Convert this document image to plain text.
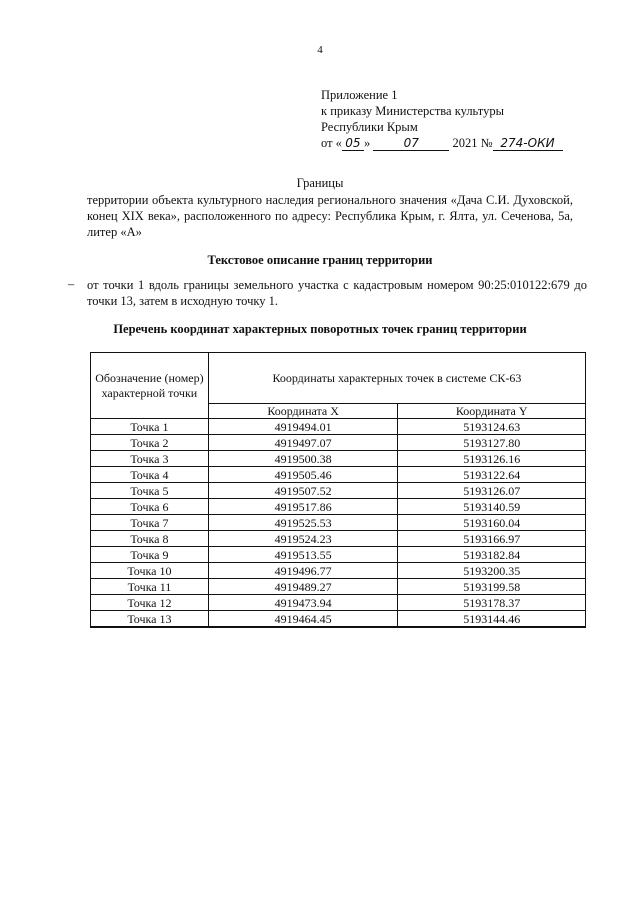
4
Приложение 1
к приказу Министерства культуры
Республики Крым
от « 05 »	07	2021 № 274-ОКИ
Границы
территории объекта культурного наследия регионального значения «Дача С.И. Духовской, конец XIX века», расположенного по адресу: Республика Крым, г. Ялта, ул. Сеченова, 5а, литер «А»
Текстовое описание границ территории
– от точки 1 вдоль границы земельного участка с кадастровым номером 90:25:010122:679 до точки 13, затем в исходную точку 1.
Перечень координат характерных поворотных точек границ территории
Обозначение (номер) характерной точки	Координаты характерных точек в системе СК-63	
	Координата X	Координата Y
Точка 1	4919494.01	5193124.63
Точка 2	4919497.07	5193127.80
Точка 3	4919500.38	5193126.16
Точка 4	4919505.46	5193122.64
Точка 5	4919507.52	5193126.07
Точка 6	4919517.86	5193140.59
Точка 7	4919525.53	5193160.04
Точка 8	4919524.23	5193166.97
Точка 9	4919513.55	5193182.84
Точка 10	4919496.77	5193200.35
Точка 11	4919489.27	5193199.58
Точка 12	4919473.94	5193178.37
Точка 13	4919464.45	5193144.46
